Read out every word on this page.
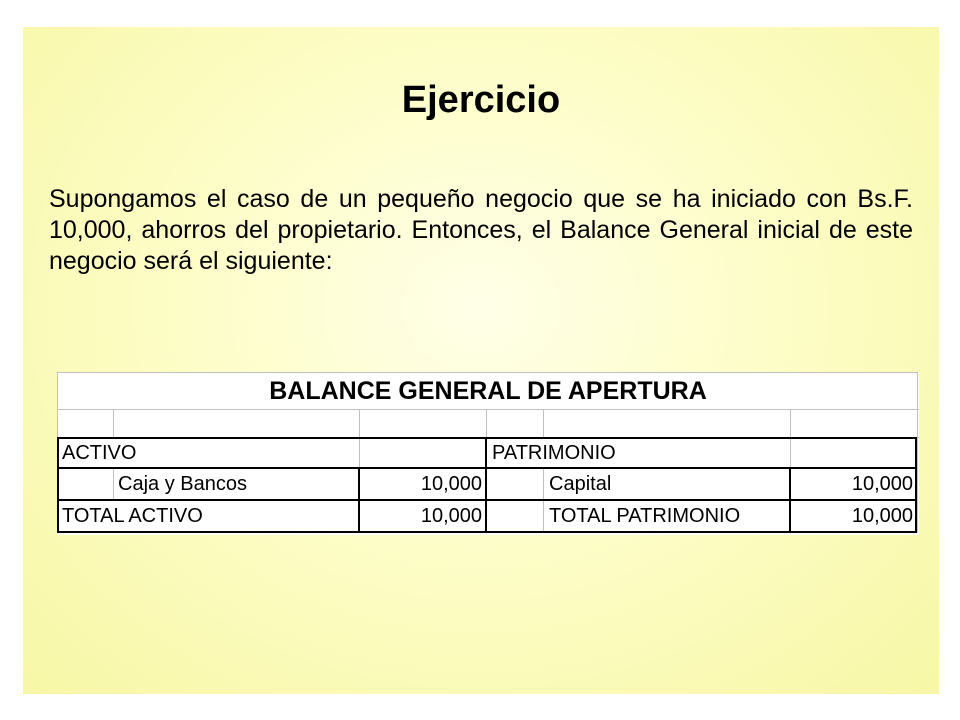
Ejercicio

Supongamos el caso de un pequeño negocio que se ha iniciado con Bs.F. 10,000, ahorros del propietario. Entonces, el Balance General inicial de este negocio será el siguiente:

BALANCE GENERAL DE APERTURA
ACTIVO	PATRIMONIO
Caja y Bancos	10,000	Capital	10,000
TOTAL ACTIVO	10,000	TOTAL PATRIMONIO	10,000
